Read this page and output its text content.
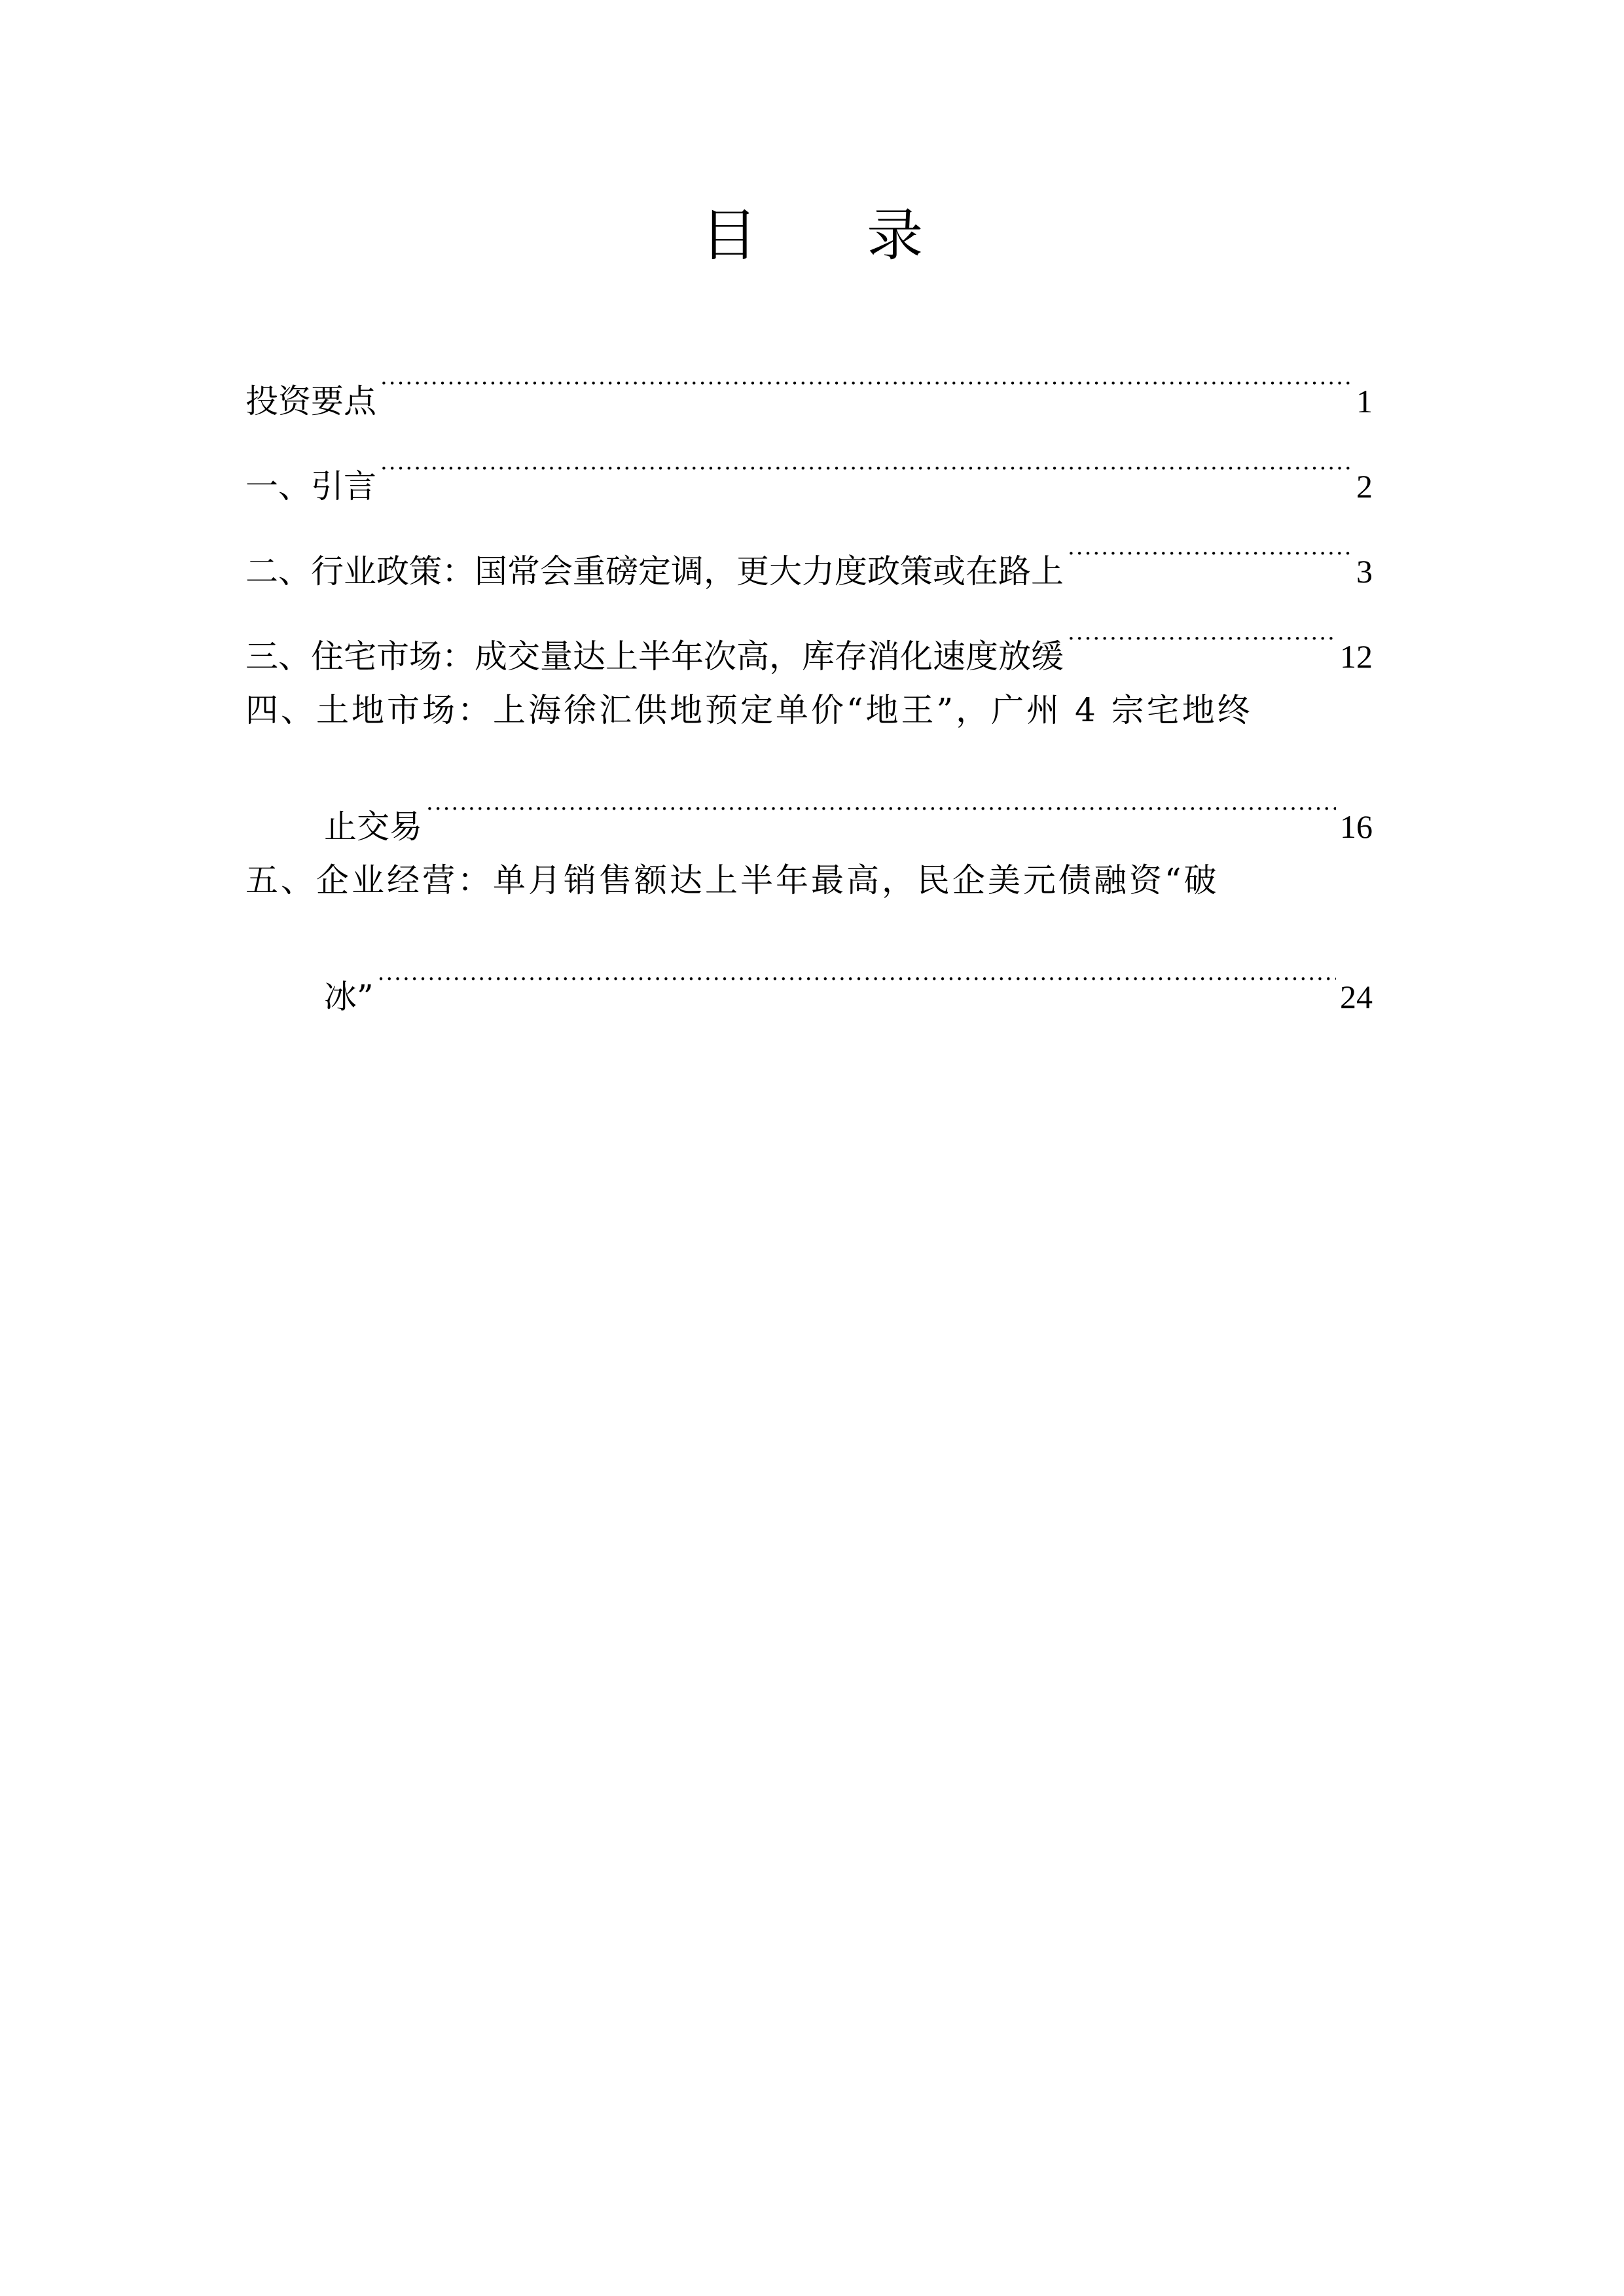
目 录
投资要点 .....	1
一、引言 .....	2
二、行业政策：国常会重磅定调，更大力度政策或在路上 .....	3
三、住宅市场：成交量达上半年次高，库存消化速度放缓 .....	12
四、土地市场：上海徐汇供地预定单价“地王”，广州 4 宗宅地终
止交易 .....	16
五、企业经营：单月销售额达上半年最高，民企美元债融资“破
冰” .....	24
